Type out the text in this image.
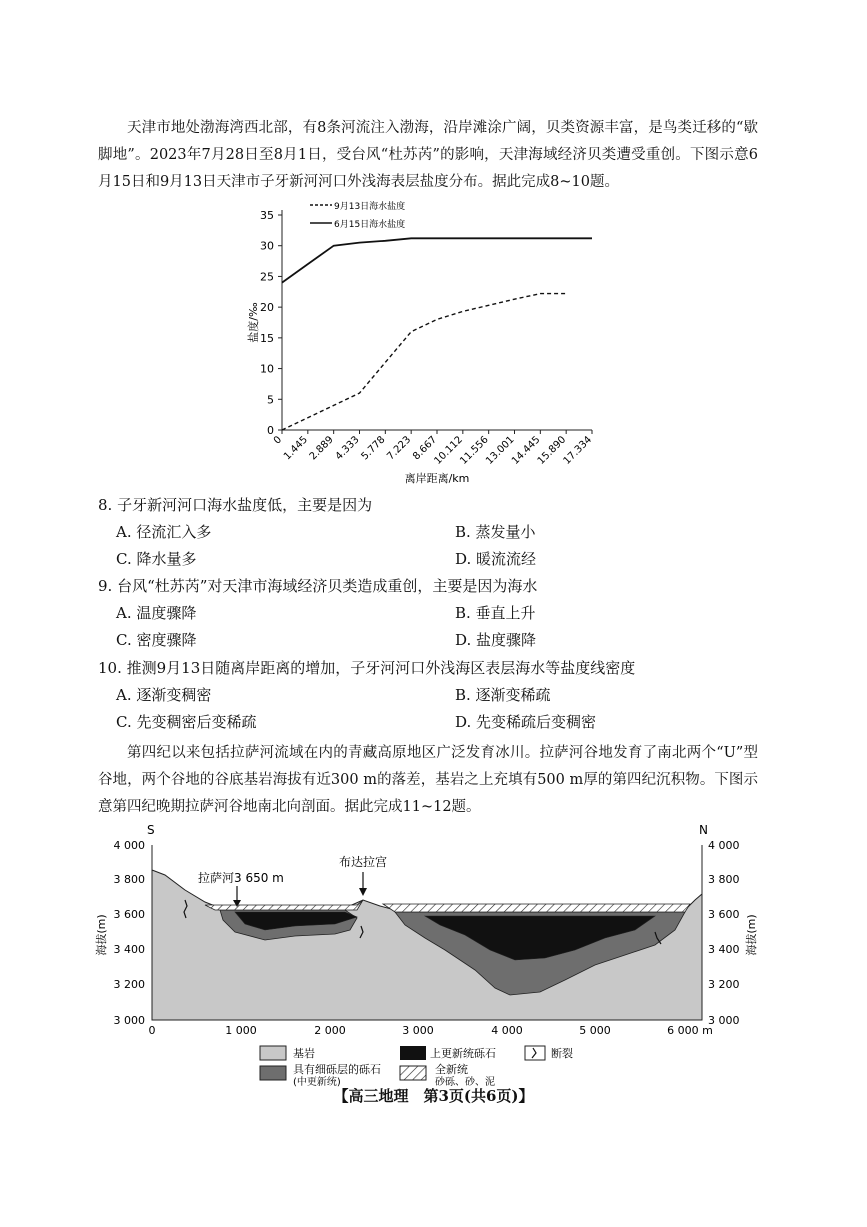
天津市地处渤海湾西北部，有8条河流注入渤海，沿岸滩涂广阔，贝类资源丰富，是鸟类迁移的“歇脚地”。2023年7月28日至8月1日，受台风“杜苏芮”的影响，天津海域经济贝类遭受重创。下图示意6月15日和9月13日天津市子牙新河河口外浅海表层盐度分布。据此完成8~10题。
0
5
10
15
20
25
30
35
0
1.445
2.889
4.333
5.778
7.223
8.667
10.112
11.556
13.001
14.445
15.890
17.334
盐度/‰
离岸距离/km
9月13日海水盐度
6月15日海水盐度
8. 子牙新河河口海水盐度低，主要是因为
A. 径流汇入多	B. 蒸发量小
C. 降水量多	D. 暖流流经
9. 台风“杜苏芮”对天津市海域经济贝类造成重创，主要是因为海水
A. 温度骤降	B. 垂直上升
C. 密度骤降	D. 盐度骤降
10. 推测9月13日随离岸距离的增加，子牙河河口外浅海区表层海水等盐度线密度
A. 逐渐变稠密	B. 逐渐变稀疏
C. 先变稠密后变稀疏	D. 先变稀疏后变稠密
第四纪以来包括拉萨河流域在内的青藏高原地区广泛发育冰川。拉萨河谷地发育了南北两个“U”型谷地，两个谷地的谷底基岩海拔有近300 m的落差，基岩之上充填有500 m厚的第四纪沉积物。下图示意第四纪晚期拉萨河谷地南北向剖面。据此完成11~12题。
S	N
4 000
3 800
3 600
3 400
3 200
3 000
4 000
3 800
3 600
3 400
3 200
3 000
海拔(m)	海拔(m)
0	1 000	2 000	3 000	4 000	5 000	6 000 m
拉萨河3 650 m
布达拉宫
基岩	上更新统砾石	断裂
具有细砾层的砾石
(中更新统)
全新统
砂砾、砂、泥
【高三地理　第3页(共6页)】
